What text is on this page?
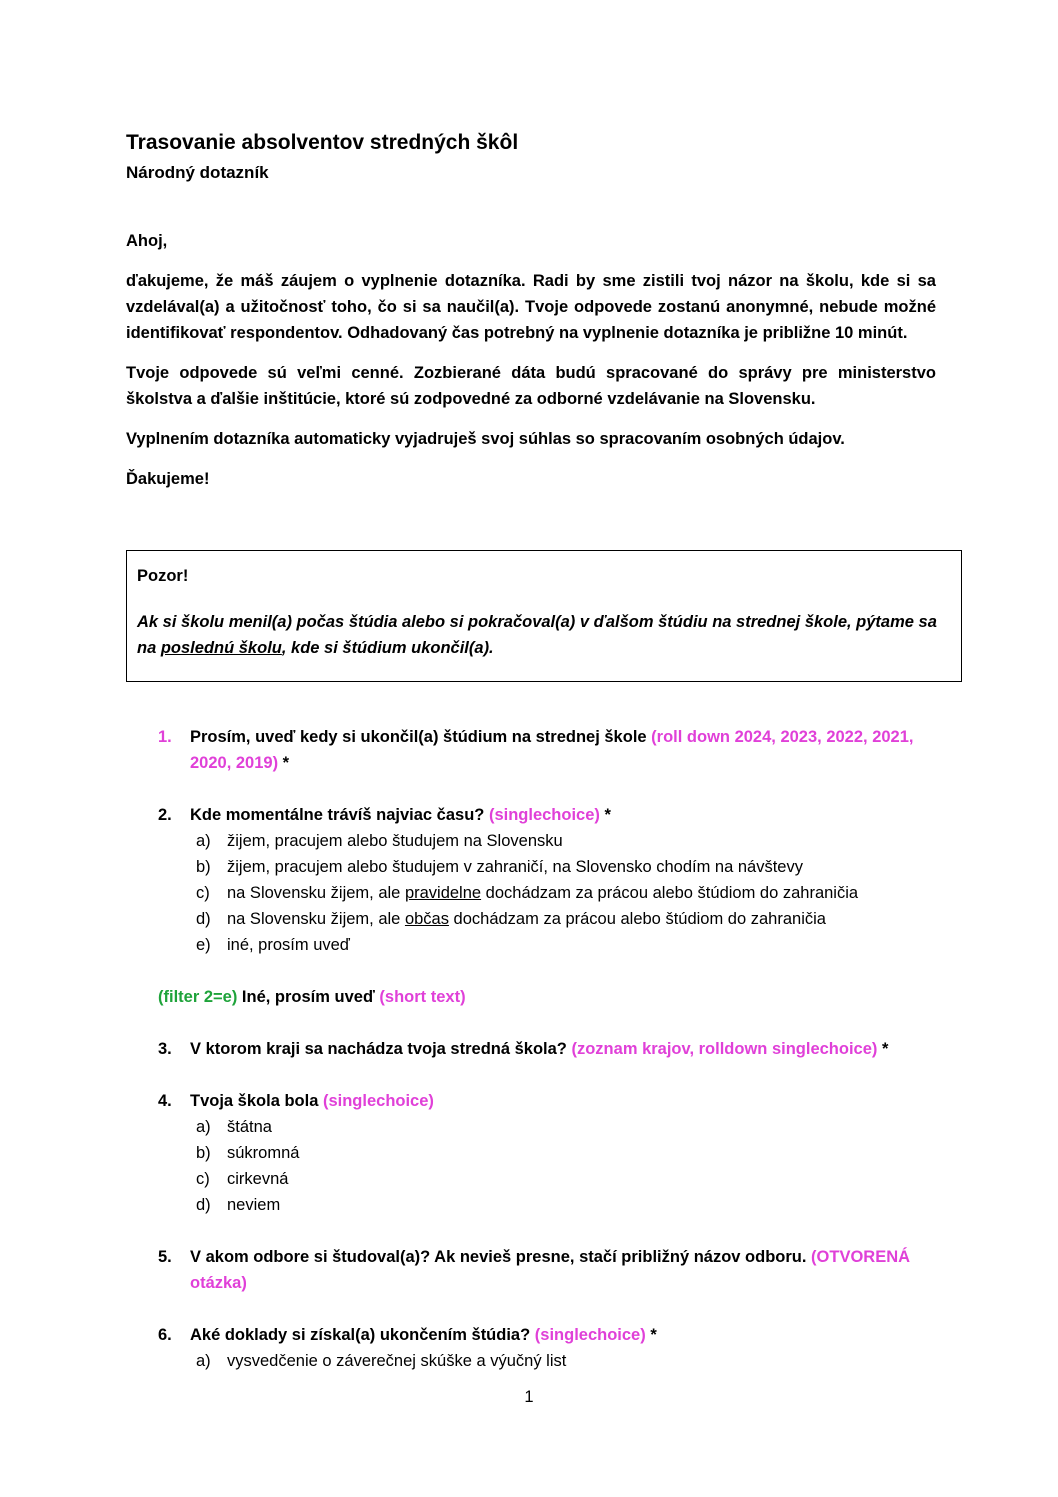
Trasovanie absolventov stredných škôl
Národný dotazník

Ahoj,

ďakujeme, že máš záujem o vyplnenie dotazníka. Radi by sme zistili tvoj názor na školu, kde si sa vzdelával(a) a užitočnosť toho, čo si sa naučil(a). Tvoje odpovede zostanú anonymné, nebude možné identifikovať respondentov. Odhadovaný čas potrebný na vyplnenie dotazníka je približne 10 minút.

Tvoje odpovede sú veľmi cenné. Zozbierané dáta budú spracované do správy pre ministerstvo školstva a ďalšie inštitúcie, ktoré sú zodpovedné za odborné vzdelávanie na Slovensku.

Vyplnením dotazníka automaticky vyjadruješ svoj súhlas so spracovaním osobných údajov.

Ďakujeme!

Pozor!

Ak si školu menil(a) počas štúdia alebo si pokračoval(a) v ďalšom štúdiu na strednej škole, pýtame sa na poslednú školu, kde si štúdium ukončil(a).

1.	Prosím, uveď kedy si ukončil(a) štúdium na strednej škole (roll down 2024, 2023, 2022, 2021, 2020, 2019) *
2.	Kde momentálne trávíš najviac času? (singlechoice) *
a) žijem, pracujem alebo študujem na Slovensku
b) žijem, pracujem alebo študujem v zahraničí, na Slovensko chodím na návštevy
c)	na Slovensku žijem, ale pravidelne dochádzam za prácou alebo štúdiom do zahraničia
d) na Slovensku žijem, ale občas dochádzam za prácou alebo štúdiom do zahraničia
e) iné, prosím uveď
(filter 2=e) Iné, prosím uveď (short text)
3.	V ktorom kraji sa nachádza tvoja stredná škola? (zoznam krajov, rolldown singlechoice) *
4.	Tvoja škola bola (singlechoice)
a) štátna
b) súkromná
c)	cirkevná
d) neviem
5.	V akom odbore si študoval(a)? Ak nevieš presne, stačí približný názov odboru. (OTVORENÁ otázka)
6.	Aké doklady si získal(a) ukončením štúdia? (singlechoice) *
a) vysvedčenie o záverečnej skúške a výučný list
1
